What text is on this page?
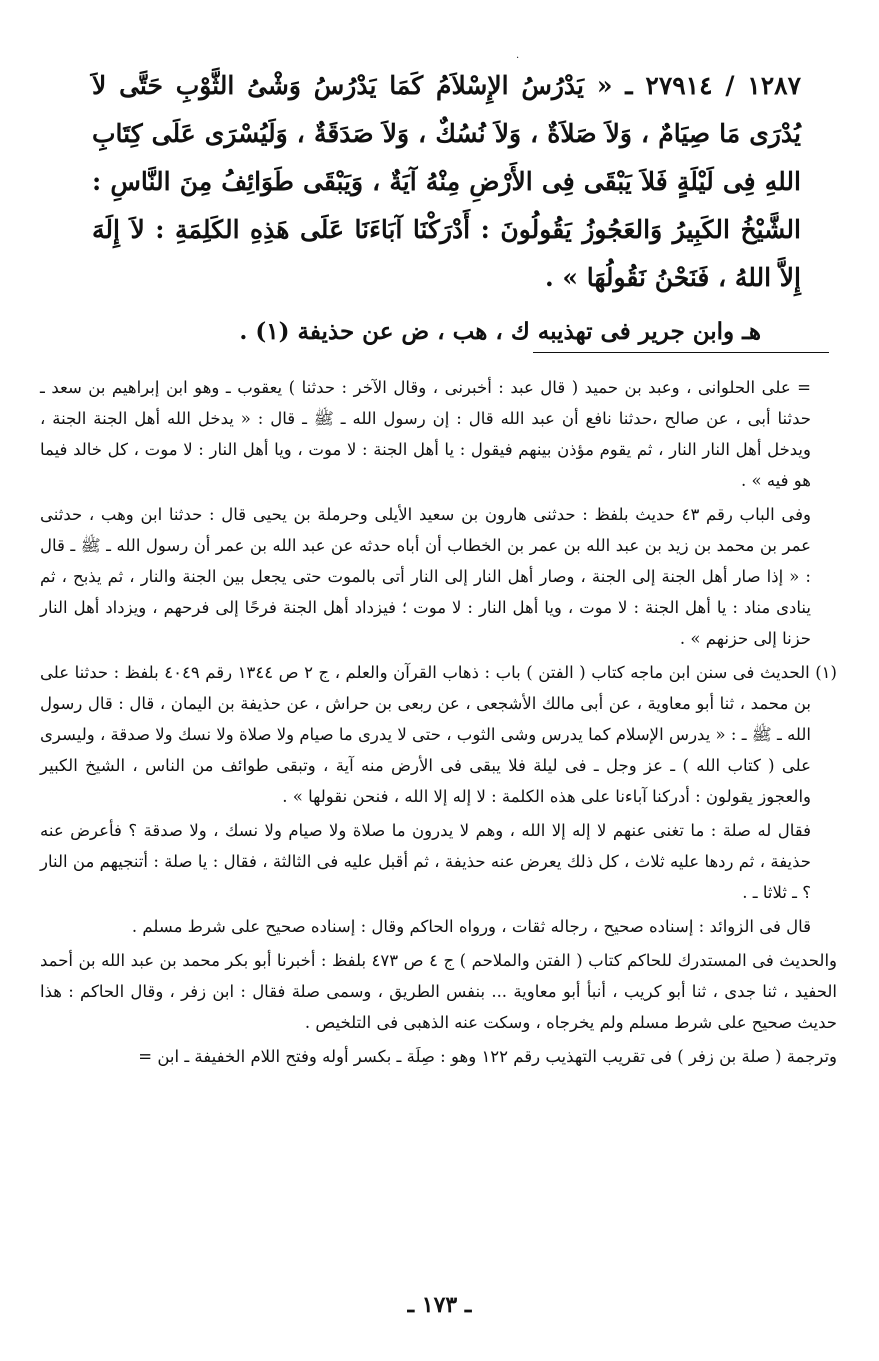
.

١٢٨٧ / ٢٧٩١٤ ـ « يَدْرُسُ الإِسْلاَمُ كَمَا يَدْرُسُ وَشْىُ الثَّوْبِ حَتَّى لاَ يُدْرَى مَا صِيَامٌ ، وَلاَ صَلاَةٌ ، وَلاَ نُسُكٌ ، وَلاَ صَدَقَةٌ ، وَلَيُسْرَى عَلَى كِتَابِ اللهِ فِى لَيْلَةٍ فَلاَ يَبْقَى فِى الأَرْضِ مِنْهُ آيَةٌ ، وَيَبْقَى طَوَائِفُ مِنَ النَّاسِ : الشَّيْخُ الكَبِيرُ وَالعَجُوزُ يَقُولُونَ : أَدْرَكْنَا آبَاءَنَا عَلَى هَذِهِ الكَلِمَةِ : لاَ إِلَهَ إِلاَّ اللهُ ، فَنَحْنُ نَقُولُهَا » .

هـ وابن جرير فى تهذيبه ك ، هب ، ض عن حذيفة (١) .

= على الحلوانى ، وعبد بن حميد ( قال عبد : أخبرنى ، وقال الآخر : حدثنا ) يعقوب ـ وهو ابن إبراهيم بن سعد ـ حدثنا أبى ، عن صالح ،حدثنا نافع أن عبد الله قال : إن رسول الله ـ ﷺ ـ قال : « يدخل الله أهل الجنة الجنة ، ويدخل أهل النار النار ، ثم يقوم مؤذن بينهم فيقول : يا أهل الجنة : لا موت ، ويا أهل النار : لا موت ، كل خالد فيما هو فيه » .

وفى الباب رقم ٤٣ حديث بلفظ : حدثنى هارون بن سعيد الأيلى وحرملة بن يحيى قال : حدثنا ابن وهب ، حدثنى عمر بن محمد بن زيد بن عبد الله بن عمر بن الخطاب أن أباه حدثه عن عبد الله بن عمر أن رسول الله ـ ﷺ ـ قال : « إذا صار أهل الجنة إلى الجنة ، وصار أهل النار إلى النار أتى بالموت حتى يجعل بين الجنة والنار ، ثم يذبح ، ثم ينادى مناد : يا أهل الجنة : لا موت ، ويا أهل النار : لا موت ؛ فيزداد أهل الجنة فرحًا إلى فرحهم ، ويزداد أهل النار حزنا إلى حزنهم » .

(١) الحديث فى سنن ابن ماجه كتاب ( الفتن ) باب : ذهاب القرآن والعلم ، ج ٢ ص ١٣٤٤ رقم ٤٠٤٩ بلفظ : حدثنا على بن محمد ، ثنا أبو معاوية ، عن أبى مالك الأشجعى ، عن ربعى بن حراش ، عن حذيفة بن اليمان ، قال : قال رسول الله ـ ﷺ ـ : « يدرس الإسلام كما يدرس وشى الثوب ، حتى لا يدرى ما صيام ولا صلاة ولا نسك ولا صدقة ، وليسرى على ( كتاب الله ) ـ عز وجل ـ فى ليلة فلا يبقى فى الأرض منه آية ، وتبقى طوائف من الناس ، الشيخ الكبير والعجوز يقولون : أدركنا آباءنا على هذه الكلمة : لا إله إلا الله ، فنحن نقولها » .

فقال له صلة : ما تغنى عنهم لا إله إلا الله ، وهم لا يدرون ما صلاة ولا صيام ولا نسك ، ولا صدقة ؟ فأعرض عنه حذيفة ، ثم ردها عليه ثلاث ، كل ذلك يعرض عنه حذيفة ، ثم أقبل عليه فى الثالثة ، فقال : يا صلة : أتنجيهم من النار ؟ ـ ثلاثا ـ .

قال فى الزوائد : إسناده صحيح ، رجاله ثقات ، ورواه الحاكم وقال : إسناده صحيح على شرط مسلم .

والحديث فى المستدرك للحاكم كتاب ( الفتن والملاحم ) ج ٤ ص ٤٧٣ بلفظ : أخبرنا أبو بكر محمد بن عبد الله بن أحمد الحفيد ، ثنا جدى ، ثنا أبو كريب ، أنبأ أبو معاوية ... بنفس الطريق ، وسمى صلة فقال : ابن زفر ، وقال الحاكم : هذا حديث صحيح على شرط مسلم ولم يخرجاه ، وسكت عنه الذهبى فى التلخيص .

وترجمة ( صلة بن زفر ) فى تقريب التهذيب رقم ١٢٢ وهو : صِلَة ـ بكسر أوله وفتح اللام الخفيفة ـ ابن =

ـ ١٧٣ ـ
